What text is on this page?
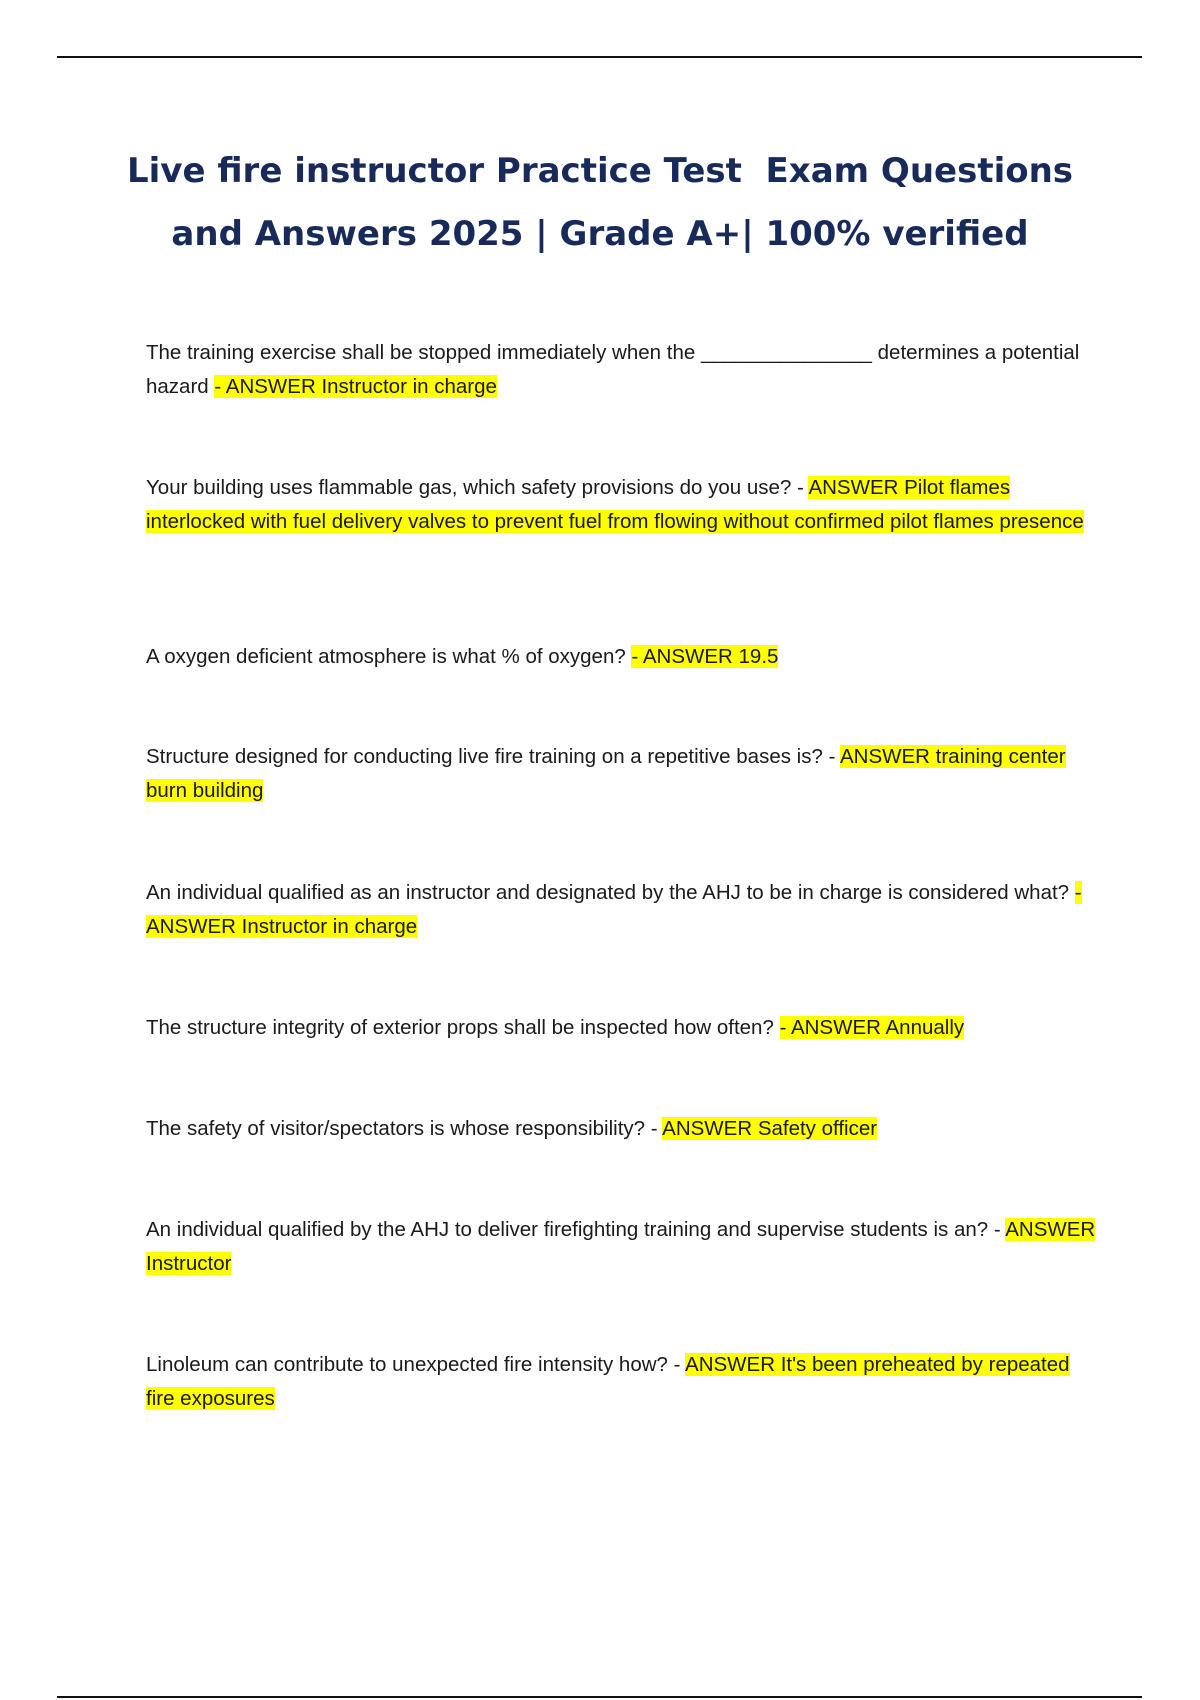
Live fire instructor Practice Test  Exam Questions
and Answers 2025 | Grade A+| 100% verified

The training exercise shall be stopped immediately when the _______________ determines a potential hazard - ANSWER Instructor in charge

Your building uses flammable gas, which safety provisions do you use? - ANSWER Pilot flames interlocked with fuel delivery valves to prevent fuel from flowing without confirmed pilot flames presence

A oxygen deficient atmosphere is what % of oxygen? - ANSWER 19.5

Structure designed for conducting live fire training on a repetitive bases is? - ANSWER training center burn building

An individual qualified as an instructor and designated by the AHJ to be in charge is considered what? - ANSWER Instructor in charge

The structure integrity of exterior props shall be inspected how often? - ANSWER Annually

The safety of visitor/spectators is whose responsibility? - ANSWER Safety officer

An individual qualified by the AHJ to deliver firefighting training and supervise students is an? - ANSWER Instructor

Linoleum can contribute to unexpected fire intensity how? - ANSWER It's been preheated by repeated fire exposures
